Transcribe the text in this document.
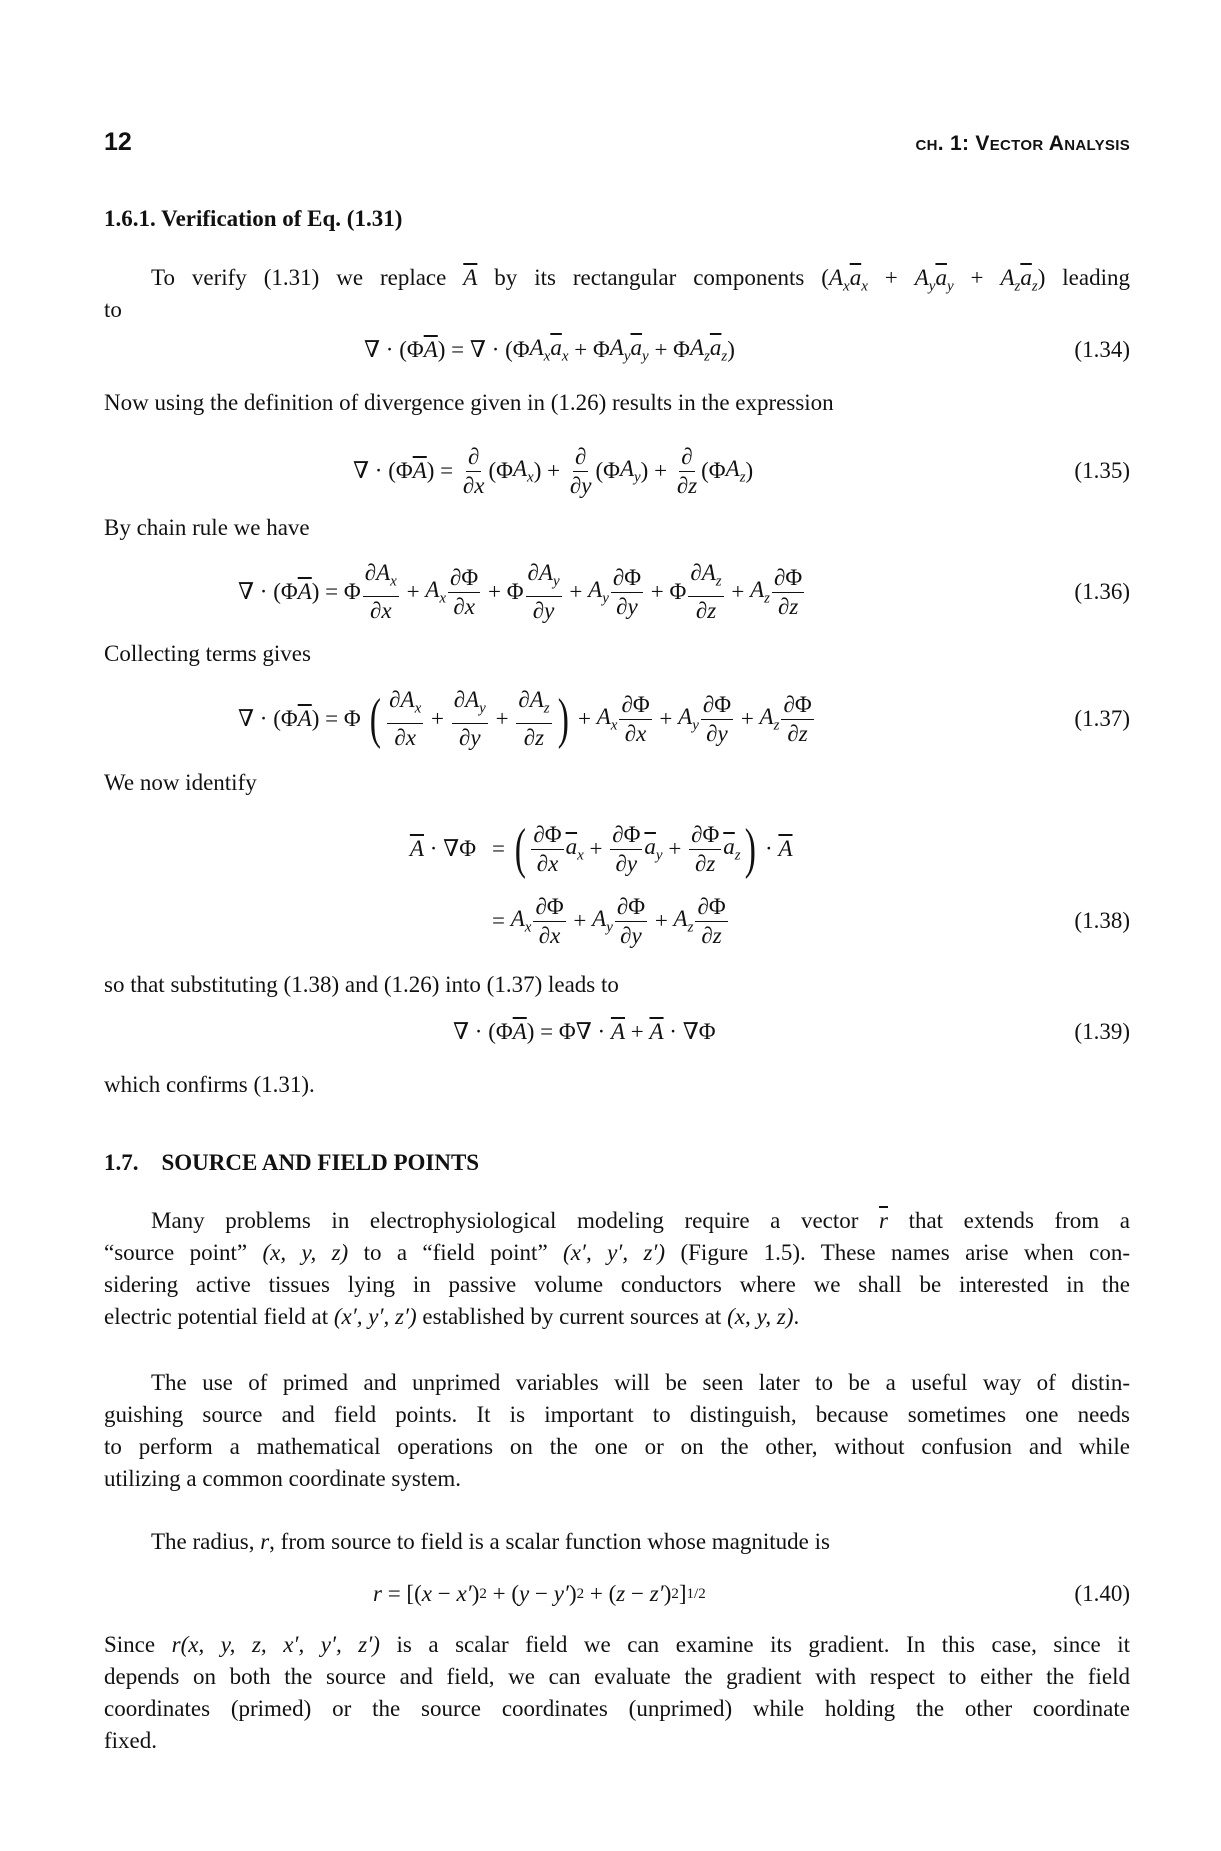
12	ch. 1: Vector Analysis
1.6.1. Verification of Eq. (1.31)
To verify (1.31) we replace $\overline{A}$ by its rectangular components $(A_x\overline{a}_x + A_y\overline{a}_y + A_z\overline{a}_z)$ leading
to
∇ · (Φ $\overline{A}$ ) = ∇ · (Φ $A_x$ $\overline{a}_x + \Phi$ $A_y$ $\overline{a}_y + \Phi$ $A_z$ $\overline{a}_z$ )	(1.34)
Now using the definition of divergence given in (1.26) results in the expression
∇ · (Φ $\overline{A}$ ) = $\frac{\partial}{\partial x} (\Phi$ $A_x$ ) + $\frac{\partial}{\partial y} (\Phi$ $A_y$ ) + $\frac{\partial}{\partial z} (\Phi$ $A_z$ )	(1.35)
By chain rule we have
∇ · (Φ $\overline{A}$ ) = Φ $\frac{\partial A_x}{\partial x} + A_x \frac{\partial\Phi}{\partial x} + \Phi \frac{\partial A_y}{\partial y} + A_y \frac{\partial\Phi}{\partial y} + \Phi \frac{\partial A_z}{\partial z} + A_z \frac{\partial\Phi}{\partial z}$	(1.36)
Collecting terms gives
∇ · (Φ $\overline{A}$ ) = Φ ( $\frac{\partial A_x}{\partial x} + \frac{\partial A_y}{\partial y} + \frac{\partial A_z}{\partial z}$ ) + $A_x \frac{\partial\Phi}{\partial x} + A_y \frac{\partial\Phi}{\partial y} + A_z \frac{\partial\Phi}{\partial z}$	(1.37)
We now identify
$\overline{A} \cdot \nabla\Phi$ = ( $\frac{\partial\Phi}{\partial x} \overline{a}_x + \frac{\partial\Phi}{\partial y} \overline{a}_y + \frac{\partial\Phi}{\partial z} \overline{a}_z$ ) · $\overline{A}$
= $A_x \frac{\partial\Phi}{\partial x} + A_y \frac{\partial\Phi}{\partial y} + A_z \frac{\partial\Phi}{\partial z}$	(1.38)
so that substituting (1.38) and (1.26) into (1.37) leads to
∇ · (Φ $\overline{A}$ ) = $\Phi\nabla \cdot \overline{A} + \overline{A} \cdot \nabla\Phi$	(1.39)
which confirms (1.31).
1.7.    SOURCE AND FIELD POINTS
Many problems in electrophysiological modeling require a vector $\overline{r}$ that extends from a
“source point” (x, y, z) to a “field point” (x′, y′, z′) (Figure 1.5). These names arise when con-
sidering active tissues lying in passive volume conductors where we shall be interested in the
electric potential field at (x′, y′, z′) established by current sources at (x, y, z).
The use of primed and unprimed variables will be seen later to be a useful way of distin-
guishing source and field points. It is important to distinguish, because sometimes one needs
to perform a mathematical operations on the one or on the other, without confusion and while
utilizing a common coordinate system.
The radius, r, from source to field is a scalar function whose magnitude is
r = [( x − x′ ) 2 + ( y − y′ ) 2 + ( z − z′ ) 2 ] 1/2	(1.40)
Since r(x, y, z, x′, y′, z′) is a scalar field we can examine its gradient. In this case, since it
depends on both the source and field, we can evaluate the gradient with respect to either the field
coordinates (primed) or the source coordinates (unprimed) while holding the other coordinate
fixed.
